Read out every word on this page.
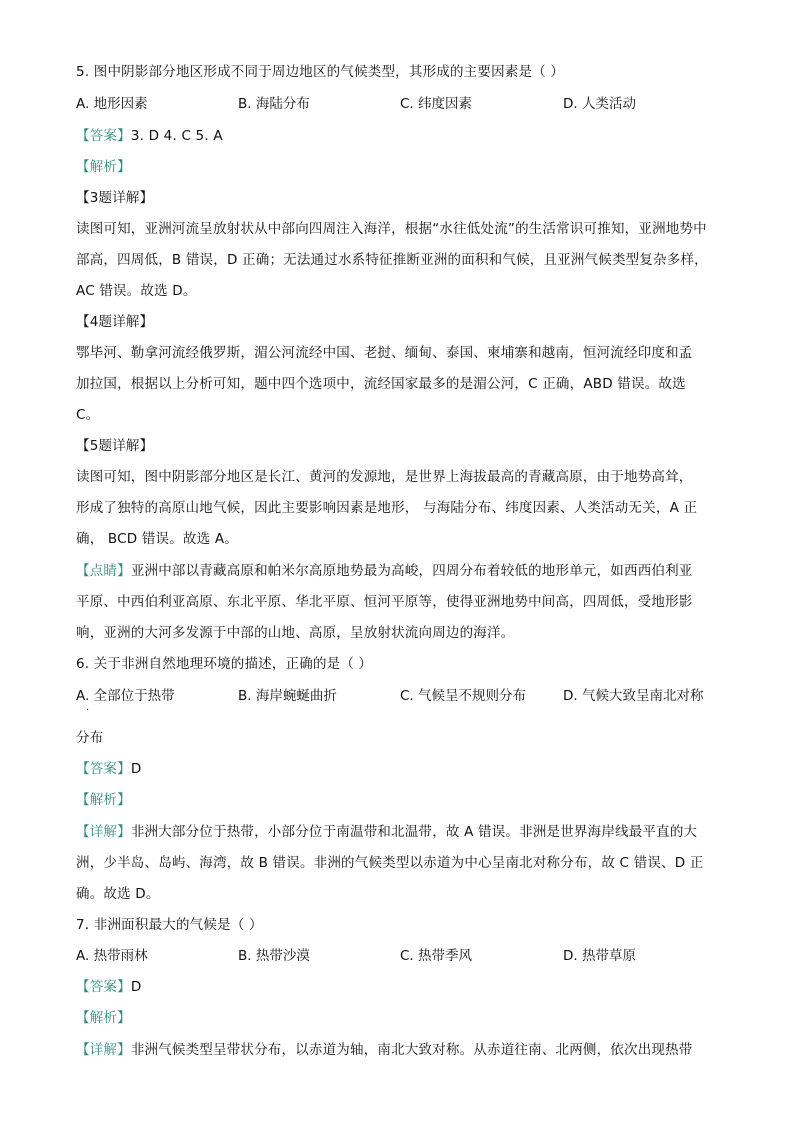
5. 图中阴影部分地区形成不同于周边地区的气候类型，其形成的主要因素是（ ）
A. 地形因素	B. 海陆分布	C. 纬度因素	D. 人类活动
【答案】3. D 4. C 5. A
【解析】
【3题详解】
读图可知，亚洲河流呈放射状从中部向四周注入海洋，根据“水往低处流”的生活常识可推知，亚洲地势中
部高，四周低，B 错误，D 正确；无法通过水系特征推断亚洲的面积和气候，且亚洲气候类型复杂多样，
AC 错误。故选 D。
【4题详解】
鄂毕河、勒拿河流经俄罗斯，湄公河流经中国、老挝、缅甸、泰国、柬埔寨和越南，恒河流经印度和孟
加拉国，根据以上分析可知，题中四个选项中，流经国家最多的是湄公河，C 正确，ABD 错误。故选
C。
【5题详解】
读图可知，图中阴影部分地区是长江、黄河的发源地，是世界上海拔最高的青藏高原，由于地势高耸，
形成了独特的高原山地气候，因此主要影响因素是地形， 与海陆分布、纬度因素、人类活动无关，A 正
确， BCD 错误。故选 A。
【点睛】亚洲中部以青藏高原和帕米尔高原地势最为高峻，四周分布着较低的地形单元，如西西伯利亚
平原、中西伯利亚高原、东北平原、华北平原、恒河平原等，使得亚洲地势中间高，四周低，受地形影
响，亚洲的大河多发源于中部的山地、高原，呈放射状流向周边的海洋。
6. 关于非洲自然地理环境的描述，正确的是（ ）
A. 全部位于热带	B. 海岸蜿蜒曲折	C. 气候呈不规则分布	D. 气候大致呈南北对称
·
分布
【答案】D
【解析】
【详解】非洲大部分位于热带，小部分位于南温带和北温带，故 A 错误。非洲是世界海岸线最平直的大
洲，少半岛、岛屿、海湾，故 B 错误。非洲的气候类型以赤道为中心呈南北对称分布，故 C 错误、D 正
确。故选 D。
7. 非洲面积最大的气候是（ ）
A. 热带雨林	B. 热带沙漠	C. 热带季风	D. 热带草原
【答案】D
【解析】
【详解】非洲气候类型呈带状分布，以赤道为轴，南北大致对称。从赤道往南、北两侧，依次出现热带
